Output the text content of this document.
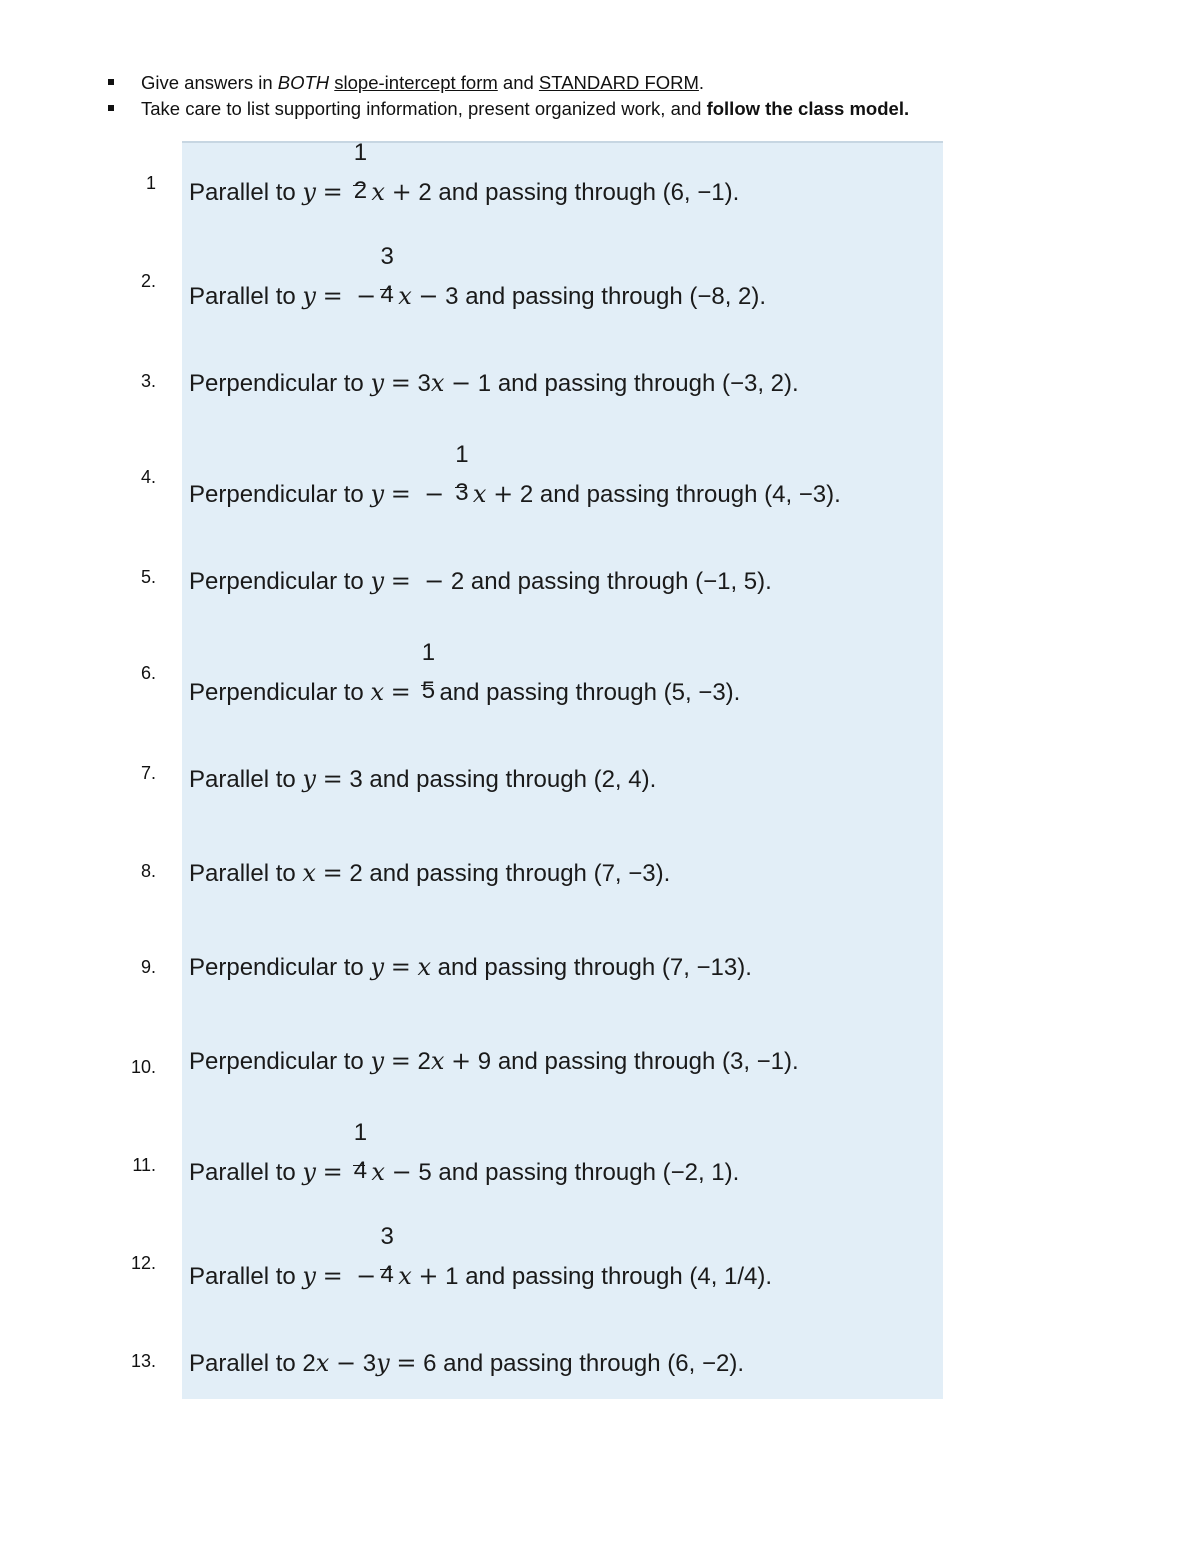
Give answers in BOTH slope-intercept form and STANDARD FORM.
Take care to list supporting information, present organized work, and follow the class model.
1 Parallel to $y = \frac{1}{2}$ x + 2 and passing through (6, −1).
2.
Parallel to y = − $\frac{3}{4}$ x − 3 and passing through (−8, 2).
3. Perpendicular to y = 3x − 1 and passing through (−3, 2).
4.
Perpendicular to y = − $\frac{1}{3}$ x + 2 and passing through (4, −3).
5. Perpendicular to y = − 2 and passing through (−1, 5).
6.
Perpendicular to $x = \frac{1}{5}$ and passing through (5, −3).
7. Parallel to y = 3 and passing through (2, 4).
8. Parallel to x = 2 and passing through (7, −3).
9. Perpendicular to y = x and passing through (7, −13).
10. Perpendicular to y = 2x + 9 and passing through (3, −1).
11. Parallel to $y = \frac{1}{4}$ x − 5 and passing through (−2, 1).
12. Parallel to y = − $\frac{3}{4}$ x + 1 and passing through (4, 1/4).
13. Parallel to 2x − 3y = 6 and passing through (6, −2).
